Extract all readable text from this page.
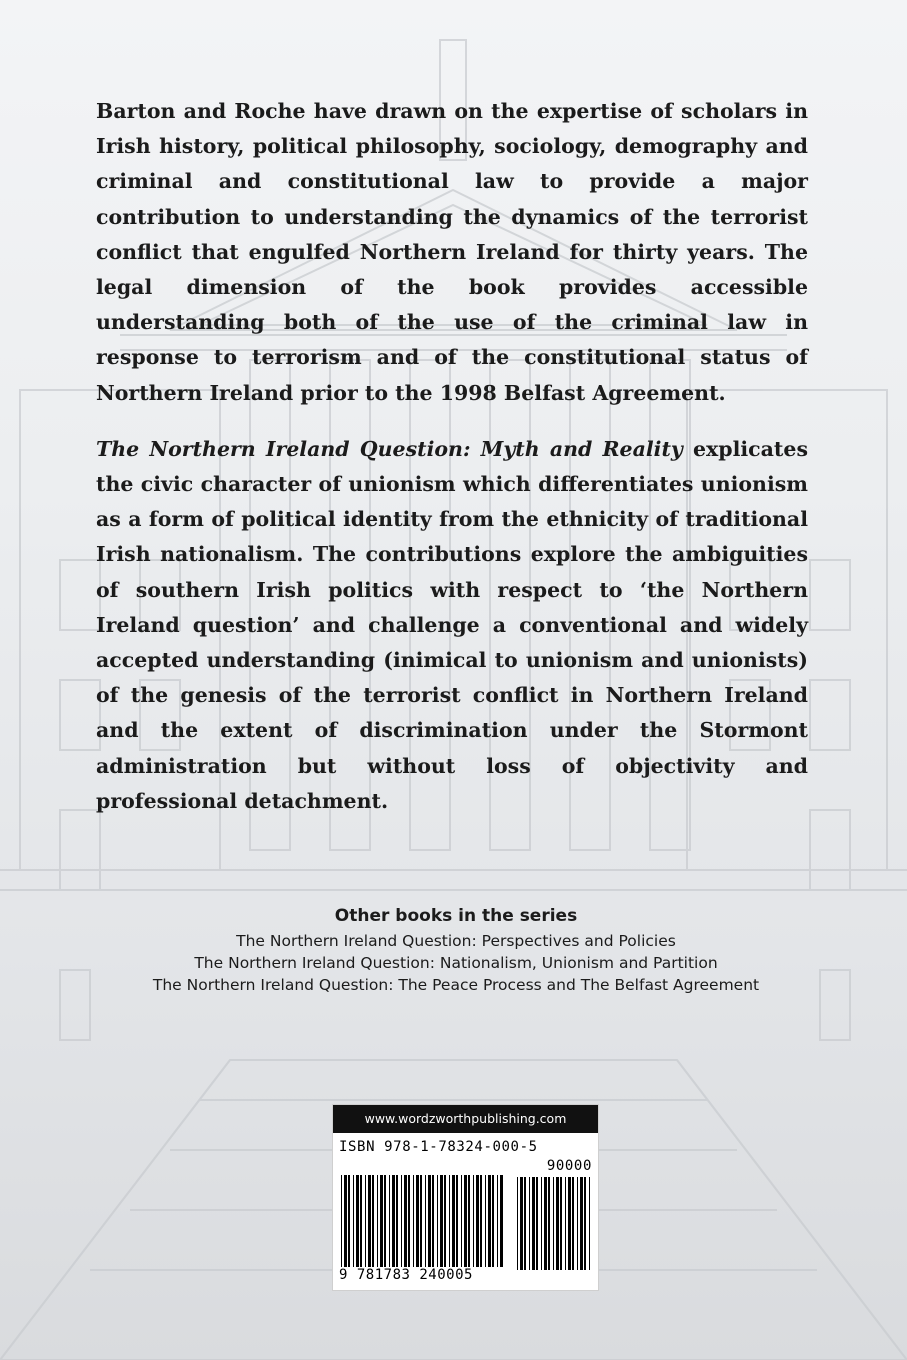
Barton and Roche have drawn on the expertise of scholars in Irish history, political philosophy, sociology, demography and criminal and constitutional law to provide a major contribution to understanding the dynamics of the terrorist conflict that engulfed Northern Ireland for thirty years. The legal dimension of the book provides accessible understanding both of the use of the criminal law in response to terrorism and of the constitutional status of Northern Ireland prior to the 1998 Belfast Agreement.

The Northern Ireland Question: Myth and Reality explicates the civic character of unionism which differentiates unionism as a form of political identity from the ethnicity of traditional Irish nationalism. The contributions explore the ambiguities of southern Irish politics with respect to ‘the Northern Ireland question’ and challenge a conventional and widely accepted understanding (inimical to unionism and unionists) of the genesis of the terrorist conflict in Northern Ireland and the extent of discrimination under the Stormont administration but without loss of objectivity and professional detachment.

Other books in the series
The Northern Ireland Question: Perspectives and Policies
The Northern Ireland Question: Nationalism, Unionism and Partition
The Northern Ireland Question: The Peace Process and The Belfast Agreement
www.wordzworthpublishing.com
ISBN 978-1-78324-000-5
90000
9 781783 240005
